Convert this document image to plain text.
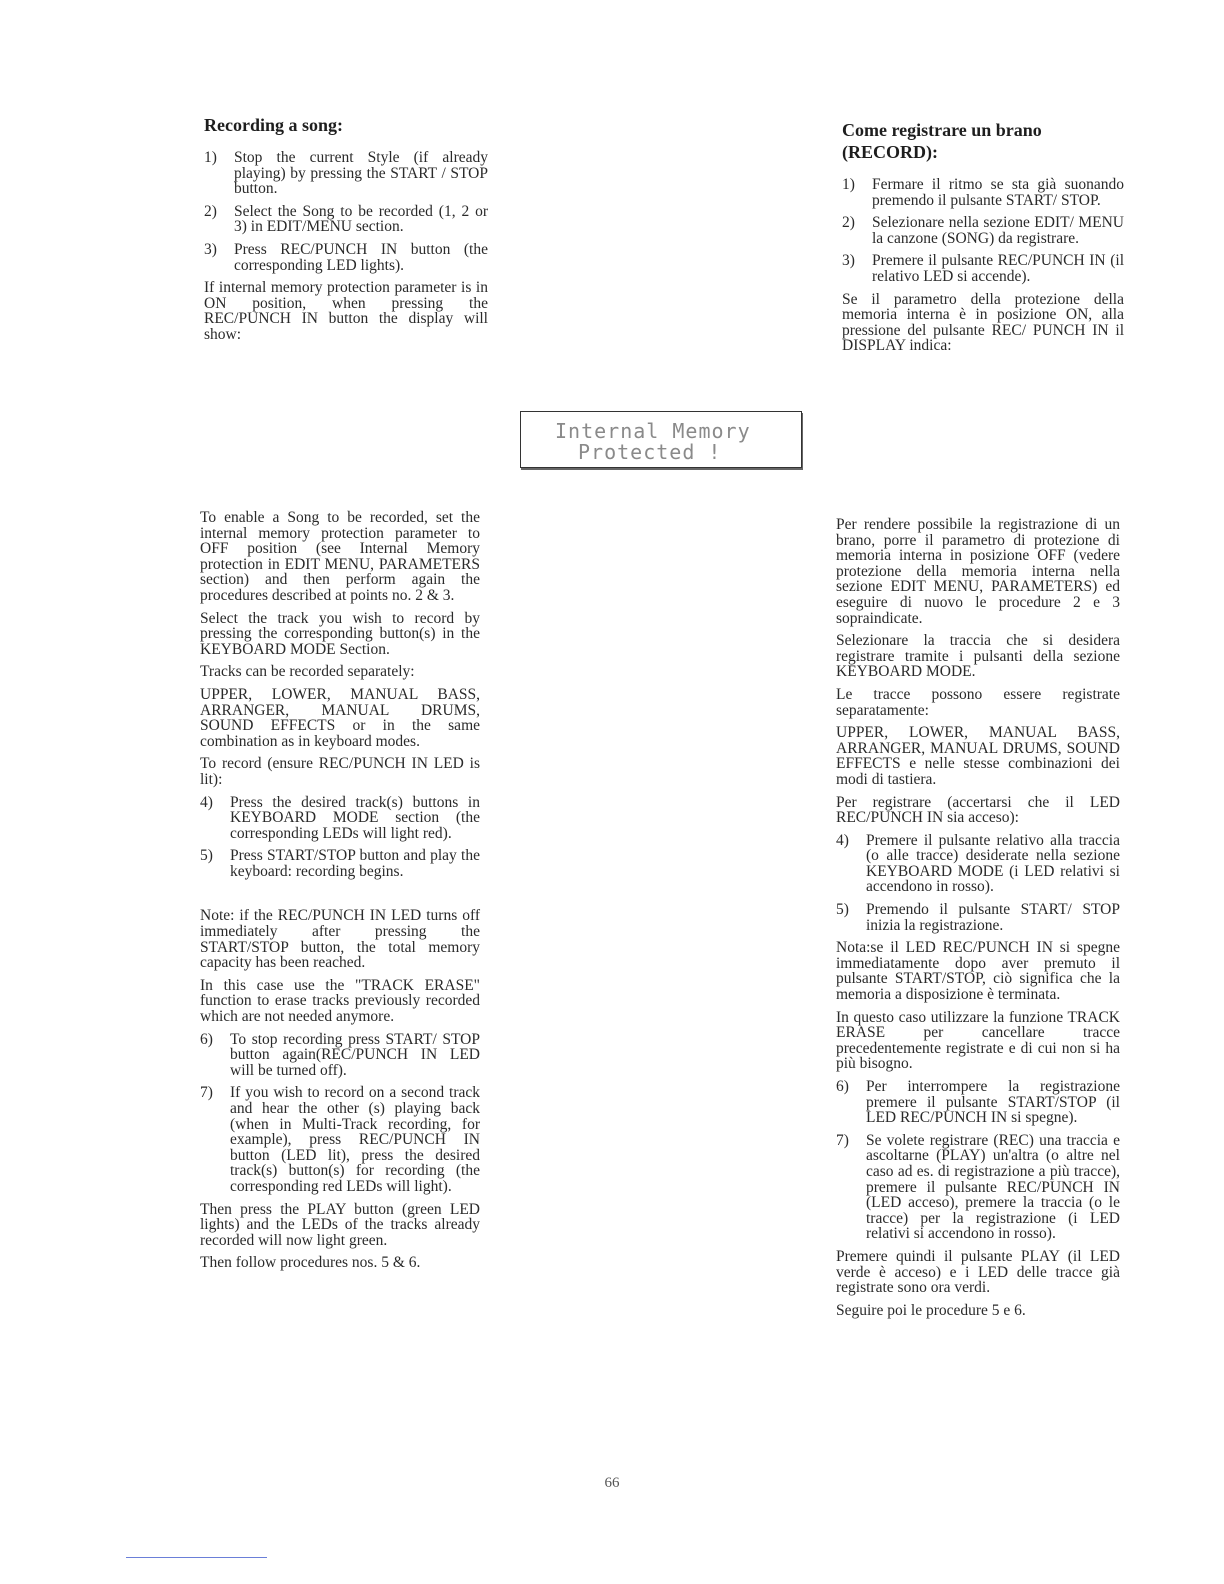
Recording a song:
1)	Stop the current Style (if already playing) by pressing the START / STOP button.
2)	Select the Song to be recorded (1, 2 or 3) in EDIT/MENU section.
3)	Press REC/PUNCH IN button (the corresponding LED lights).

If internal memory protection parameter is in ON position, when pressing the REC/PUNCH IN button the display will show:

Come registrare un brano
(RECORD):
1)	Fermare il ritmo se sta già suonando premendo il pulsante START/ STOP.
2)	Selezionare nella sezione EDIT/ MENU la canzone (SONG) da registrare.
3)	Premere il pulsante REC/PUNCH IN (il relativo LED si accende).

Se il parametro della protezione della memoria interna è in posizione ON, alla pressione del pulsante REC/ PUNCH IN il DISPLAY indica:

Internal Memory
Protected !

To enable a Song to be recorded, set the internal memory protection parameter to OFF position (see Internal Memory protection in EDIT MENU, PARAMETERS section) and then perform again the procedures described at points no. 2 & 3.

Select the track you wish to record by pressing the corresponding button(s) in the KEYBOARD MODE Section.

Tracks can be recorded separately:

UPPER, LOWER, MANUAL BASS, ARRANGER, MANUAL DRUMS, SOUND EFFECTS or in the same combination as in keyboard modes.

To record (ensure REC/PUNCH IN LED is lit):

4)	Press the desired track(s) buttons in KEYBOARD MODE section (the corresponding LEDs will light red).
5)	Press START/STOP button and play the keyboard: recording begins.

Note: if the REC/PUNCH IN LED turns off immediately after pressing the START/STOP button, the total memory capacity has been reached.

In this case use the "TRACK ERASE" function to erase tracks previously recorded which are not needed anymore.

6)	To stop recording press START/ STOP button again(REC/PUNCH IN LED will be turned off).
7)	If you wish to record on a second track and hear the other (s) playing back (when in Multi-Track recording, for example), press REC/PUNCH IN button (LED lit), press the desired track(s) button(s) for recording (the corresponding red LEDs will light).

Then press the PLAY button (green LED lights) and the LEDs of the tracks already recorded will now light green.

Then follow procedures nos. 5 & 6.

Per rendere possibile la registrazione di un brano, porre il parametro di protezione di memoria interna in posizione OFF (vedere protezione della memoria interna nella sezione EDIT MENU, PARAMETERS) ed eseguire di nuovo le procedure 2 e 3 sopraindicate.

Selezionare la traccia che si desidera registrare tramite i pulsanti della sezione KEYBOARD MODE.

Le tracce possono essere registrate separatamente:

UPPER, LOWER, MANUAL BASS, ARRANGER, MANUAL DRUMS, SOUND EFFECTS e nelle stesse combinazioni dei modi di tastiera.

Per registrare (accertarsi che il LED REC/PUNCH IN sia acceso):

4)	Premere il pulsante relativo alla traccia (o alle tracce) desiderate nella sezione KEYBOARD MODE (i LED relativi si accendono in rosso).
5)	Premendo il pulsante START/ STOP inizia la registrazione.

Nota:se il LED REC/PUNCH IN si spegne immediatamente dopo aver premuto il pulsante START/STOP, ciò significa che la memoria a disposizione è terminata.

In questo caso utilizzare la funzione TRACK ERASE per cancellare tracce precedentemente registrate e di cui non si ha più bisogno.

6)	Per interrompere la registrazione premere il pulsante START/STOP (il LED REC/PUNCH IN si spegne).
7)	Se volete registrare (REC) una traccia e ascoltarne (PLAY) un'altra (o altre nel caso ad es. di registrazione a più tracce), premere il pulsante REC/PUNCH IN (LED acceso), premere la traccia (o le tracce) per la registrazione (i LED relativi si accendono in rosso).

Premere quindi il pulsante PLAY (il LED verde è acceso) e i LED delle tracce già registrate sono ora verdi.

Seguire poi le procedure 5 e 6.

66
